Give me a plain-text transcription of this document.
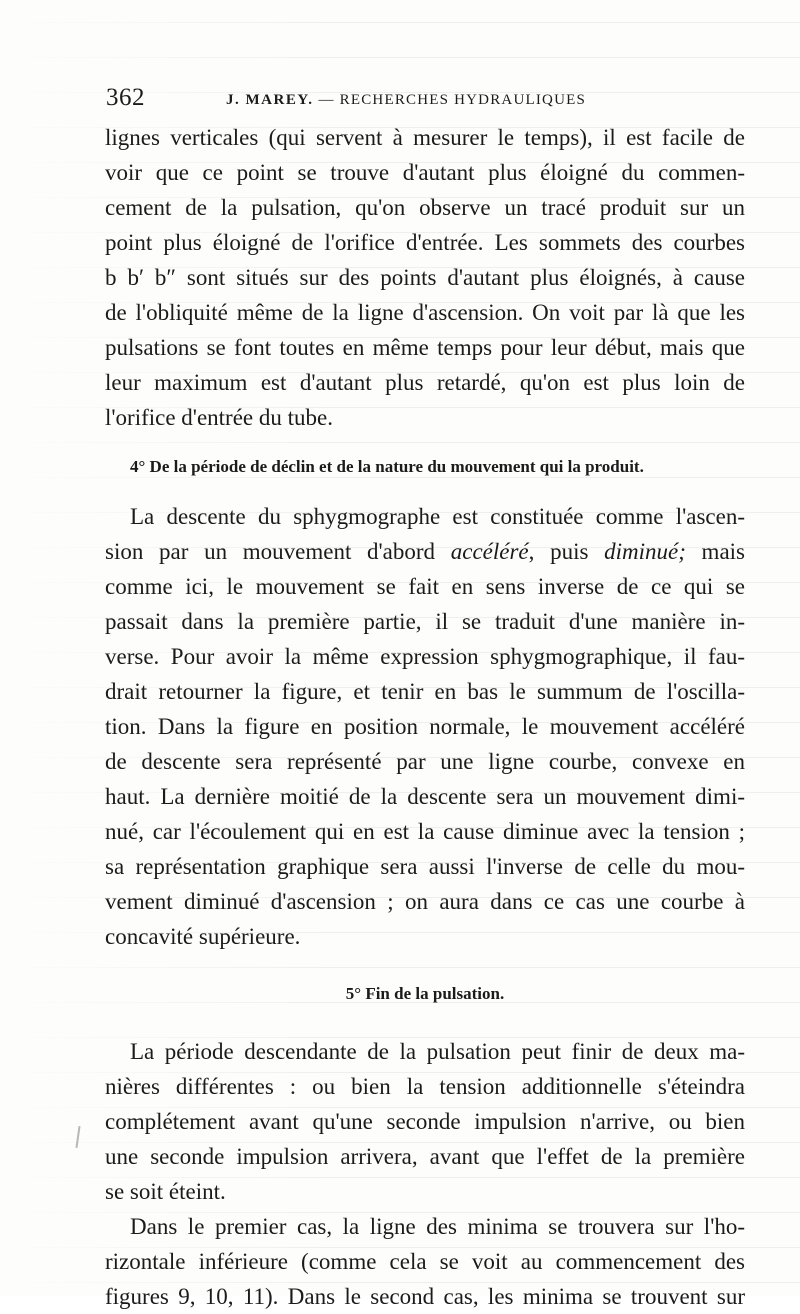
362	J. MAREY. — RECHERCHES HYDRAULIQUES
lignes verticales (qui servent à mesurer le temps), il est facile de
voir que ce point se trouve d'autant plus éloigné du commen-
cement de la pulsation, qu'on observe un tracé produit sur un
point plus éloigné de l'orifice d'entrée. Les sommets des courbes
b b′ b″ sont situés sur des points d'autant plus éloignés, à cause
de l'obliquité même de la ligne d'ascension. On voit par là que les
pulsations se font toutes en même temps pour leur début, mais que
leur maximum est d'autant plus retardé, qu'on est plus loin de
l'orifice d'entrée du tube.
4° De la période de déclin et de la nature du mouvement qui la produit.
La descente du sphygmographe est constituée comme l'ascen-
sion par un mouvement d'abord accéléré, puis diminué; mais
comme ici, le mouvement se fait en sens inverse de ce qui se
passait dans la première partie, il se traduit d'une manière in-
verse. Pour avoir la même expression sphygmographique, il fau-
drait retourner la figure, et tenir en bas le summum de l'oscilla-
tion. Dans la figure en position normale, le mouvement accéléré
de descente sera représenté par une ligne courbe, convexe en
haut. La dernière moitié de la descente sera un mouvement dimi-
nué, car l'écoulement qui en est la cause diminue avec la tension ;
sa représentation graphique sera aussi l'inverse de celle du mou-
vement diminué d'ascension ; on aura dans ce cas une courbe à
concavité supérieure.
5° Fin de la pulsation.
La période descendante de la pulsation peut finir de deux ma-
nières différentes : ou bien la tension additionnelle s'éteindra
complétement avant qu'une seconde impulsion n'arrive, ou bien
une seconde impulsion arrivera, avant que l'effet de la première
se soit éteint.
Dans le premier cas, la ligne des minima se trouvera sur l'ho-
rizontale inférieure (comme cela se voit au commencement des
figures 9, 10, 11). Dans le second cas, les minima se trouvent sur
